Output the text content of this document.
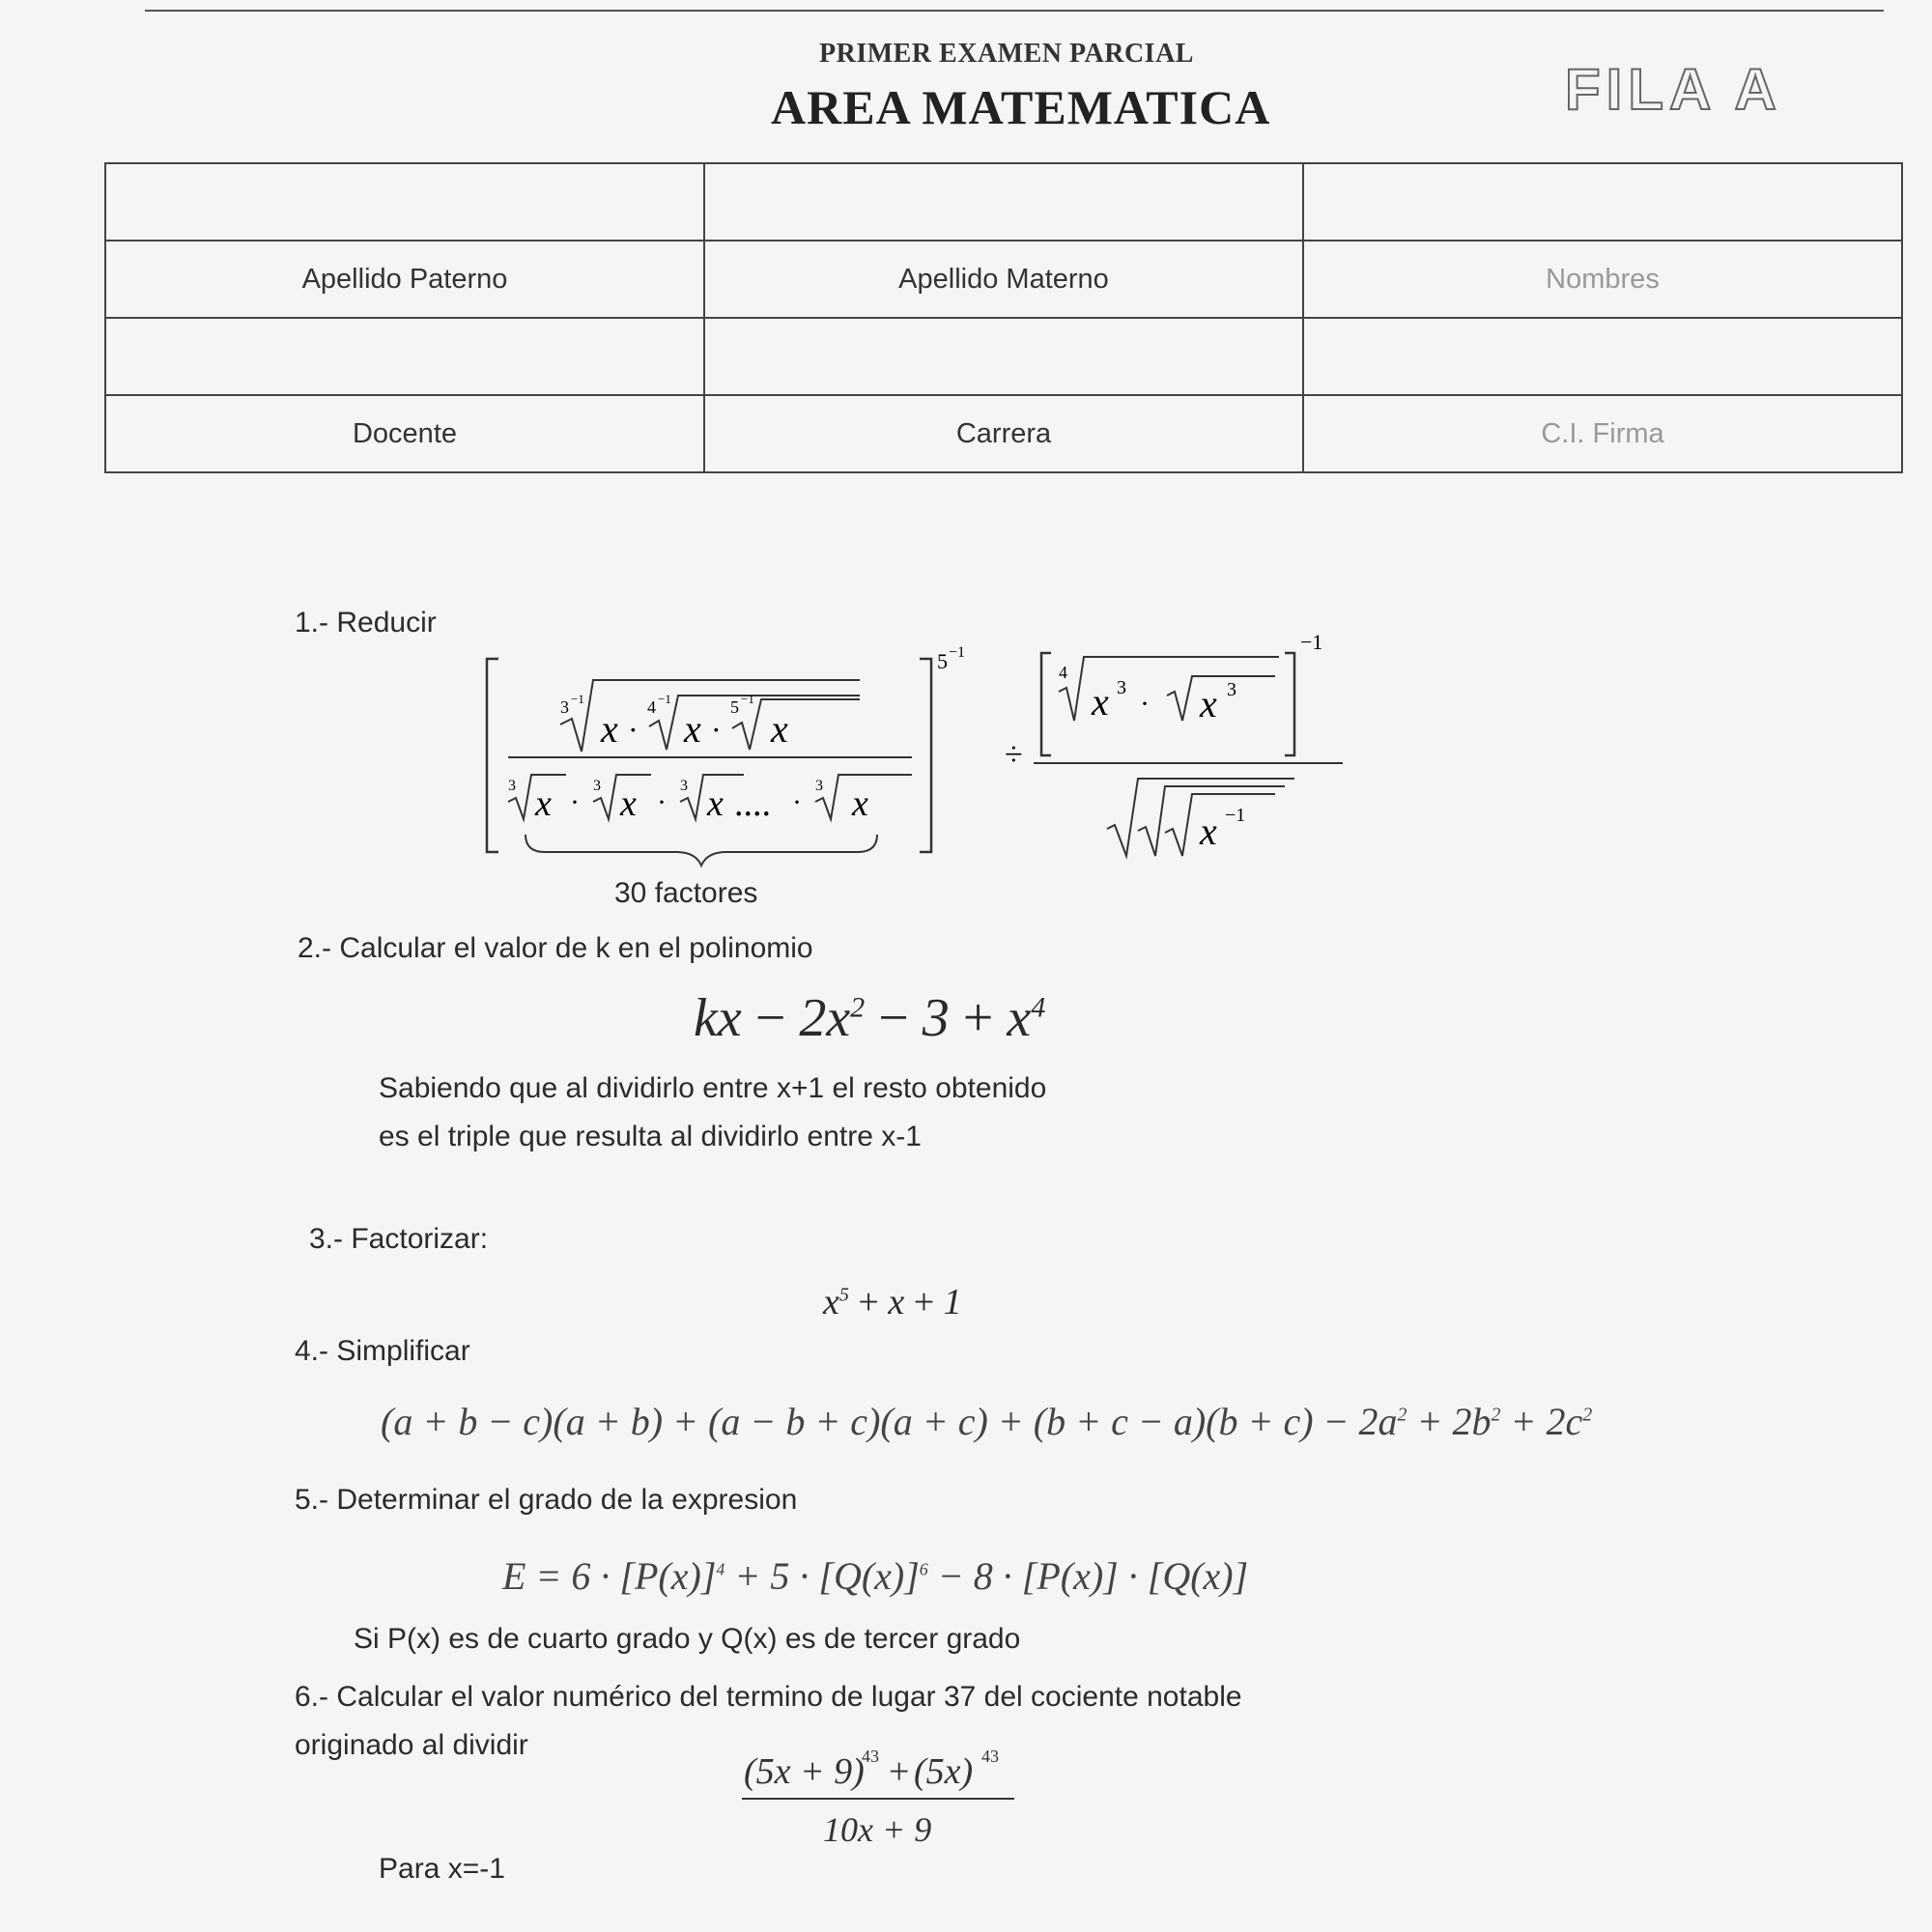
PRIMER EXAMEN PARCIAL
AREA MATEMATICA	FILA A

Apellido Paterno	Apellido Materno	Nombres

Docente	Carrera	C.I. Firma
1.- Reducir
5 −1
3 −1
x ·
4 −1
x ·
5 −1
x
3 x ·
3 x ·
3 x .... ·
3 x
÷
−1
4
x 3 · x 3
x −1
30 factores
2.- Calcular el valor de k en el polinomio
kx − $2x^2 - 3 + x^4$
Sabiendo que al dividirlo entre x+1 el resto obtenido
es el triple que resulta al dividirlo entre x-1
3.- Factorizar:
$x^5 + x + 1$
4.- Simplificar
$(a + b - c)(a + b) + (a - b + c)(a + c) + (b + c - a)(b + c) - 2a^2 + 2b^2 + 2c^2$
5.- Determinar el grado de la expresion
$E = 6 \cdot [P(x)]^4 + 5 \cdot [Q(x)]^6 - 8 \cdot [P(x)] \cdot [Q(x)]$
Si P(x) es de cuarto grado y Q(x) es de tercer grado
6.- Calcular el valor numérico del termino de lugar 37 del cociente notable
originado al dividir
(5x + 9)
43 + (5x) 43
10x + 9
Para x=-1
